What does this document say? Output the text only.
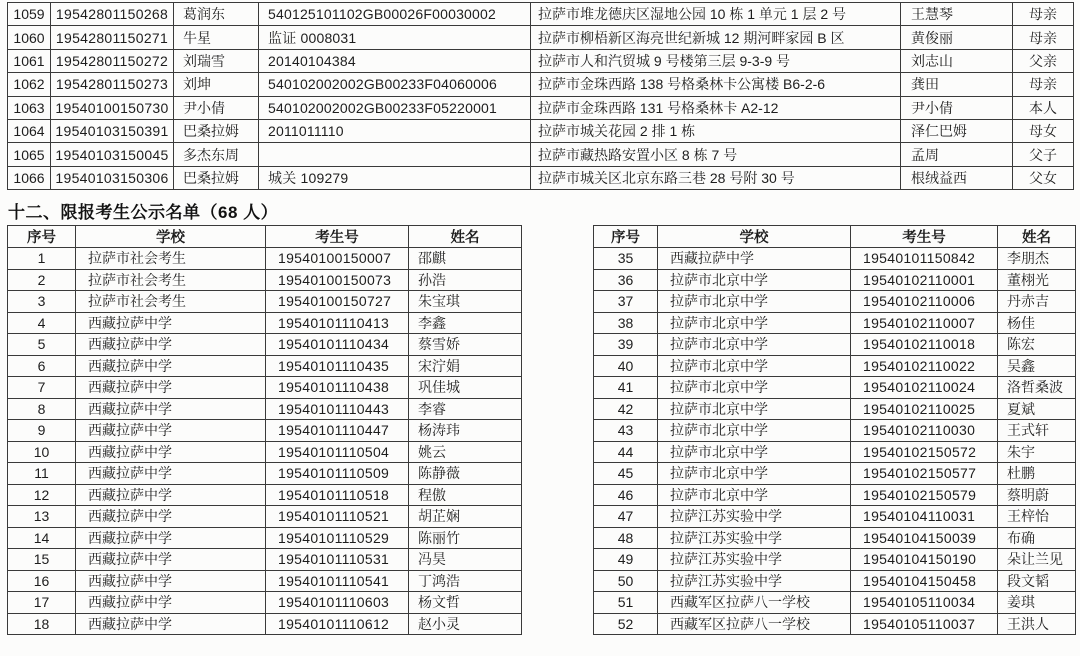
1059	19542801150268	葛润东	540125101102GB00026F00030002	拉萨市堆龙德庆区湿地公园 10 栋 1 单元 1 层 2 号	王慧琴	母亲
1060	19542801150271	牛星	监证 0008031	拉萨市柳梧新区海亮世纪新城 12 期河畔家园 B 区	黄俊丽	母亲
1061	19542801150272	刘瑞雪	20140104384	拉萨市人和汽贸城 9 号楼第三层 9-3-9 号	刘志山	父亲
1062	19542801150273	刘坤	540102002002GB00233F04060006	拉萨市金珠西路 138 号格桑林卡公寓楼 B6-2-6	龚田	母亲
1063	19540100150730	尹小倩	540102002002GB00233F05220001	拉萨市金珠西路 131 号格桑林卡 A2-12	尹小倩	本人
1064	19540103150391	巴桑拉姆	2011011110	拉萨市城关花园 2 排 1 栋	泽仁巴姆	母女
1065	19540103150045	多杰东周		拉萨市藏热路安置小区 8 栋 7 号	孟周	父子
1066	19540103150306	巴桑拉姆	城关 109279	拉萨市城关区北京东路三巷 28 号附 30 号	根绒益西	父女
十二、限报考生公示名单（68 人）
序号	学校	考生号	姓名
1	拉萨市社会考生	19540100150007	邵麒
2	拉萨市社会考生	19540100150073	孙浩
3	拉萨市社会考生	19540100150727	朱宝琪
4	西藏拉萨中学	19540101110413	李鑫
5	西藏拉萨中学	19540101110434	蔡雪娇
6	西藏拉萨中学	19540101110435	宋泞娟
7	西藏拉萨中学	19540101110438	巩佳城
8	西藏拉萨中学	19540101110443	李睿
9	西藏拉萨中学	19540101110447	杨涛玮
10	西藏拉萨中学	19540101110504	姚云
11	西藏拉萨中学	19540101110509	陈静薇
12	西藏拉萨中学	19540101110518	程傲
13	西藏拉萨中学	19540101110521	胡芷娴
14	西藏拉萨中学	19540101110529	陈丽竹
15	西藏拉萨中学	19540101110531	冯昊
16	西藏拉萨中学	19540101110541	丁鸿浩
17	西藏拉萨中学	19540101110603	杨文哲
18	西藏拉萨中学	19540101110612	赵小灵
序号	学校	考生号	姓名
35	西藏拉萨中学	19540101150842	李朋杰
36	拉萨市北京中学	19540102110001	董栩光
37	拉萨市北京中学	19540102110006	丹赤吉
38	拉萨市北京中学	19540102110007	杨佳
39	拉萨市北京中学	19540102110018	陈宏
40	拉萨市北京中学	19540102110022	吴鑫
41	拉萨市北京中学	19540102110024	洛哲桑波
42	拉萨市北京中学	19540102110025	夏斌
43	拉萨市北京中学	19540102110030	王式轩
44	拉萨市北京中学	19540102150572	朱宇
45	拉萨市北京中学	19540102150577	杜鹏
46	拉萨市北京中学	19540102150579	蔡明蔚
47	拉萨江苏实验中学	19540104110031	王梓怡
48	拉萨江苏实验中学	19540104150039	布确
49	拉萨江苏实验中学	19540104150190	朵让兰见
50	拉萨江苏实验中学	19540104150458	段文韬
51	西藏军区拉萨八一学校	19540105110034	姜琪
52	西藏军区拉萨八一学校	19540105110037	王洪人
